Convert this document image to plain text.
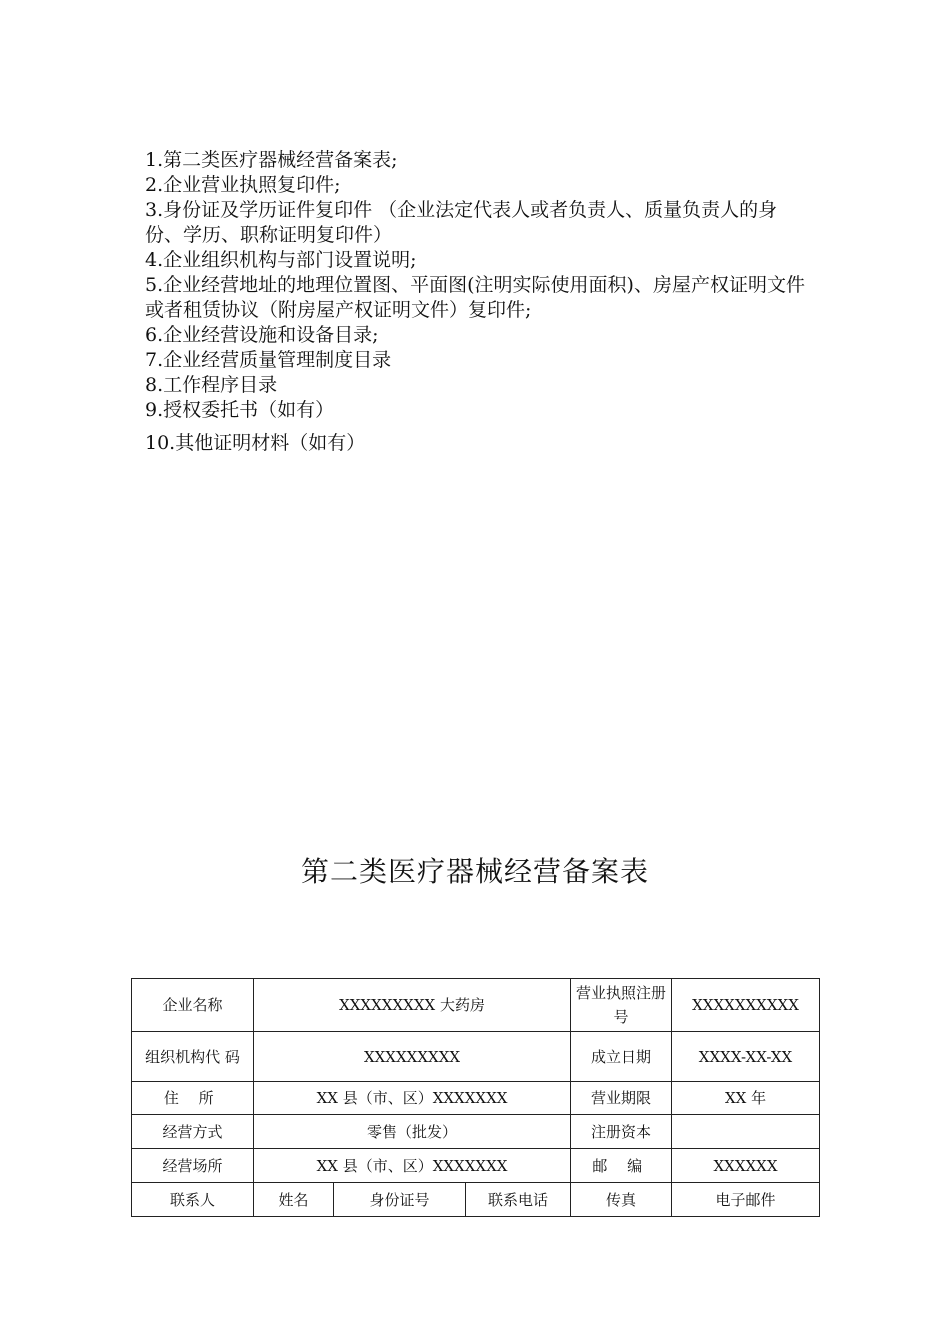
1.第二类医疗器械经营备案表;

2.企业营业执照复印件;

3.身份证及学历证件复印件 （企业法定代表人或者负责人、质量负责人的身份、学历、职称证明复印件）

4.企业组织机构与部门设置说明;

5.企业经营地址的地理位置图、平面图(注明实际使用面积)、房屋产权证明文件或者租赁协议（附房屋产权证明文件）复印件;

6.企业经营设施和设备目录;

7.企业经营质量管理制度目录

8.工作程序目录

9.授权委托书（如有）

10.其他证明材料（如有）

第二类医疗器械经营备案表
企业名称	XXXXXXXXX 大药房			营业执照注册号	XXXXXXXXXX
组织机构代 码	XXXXXXXXX			成立日期	XXXX-XX-XX
住 所	XX 县（市、区）XXXXXXX			营业期限	XX 年
经营方式	零售（批发）			注册资本	
经营场所	XX 县（市、区）XXXXXXX			邮 编	XXXXXX
联系人	姓名	身份证号	联系电话	传真	电子邮件
